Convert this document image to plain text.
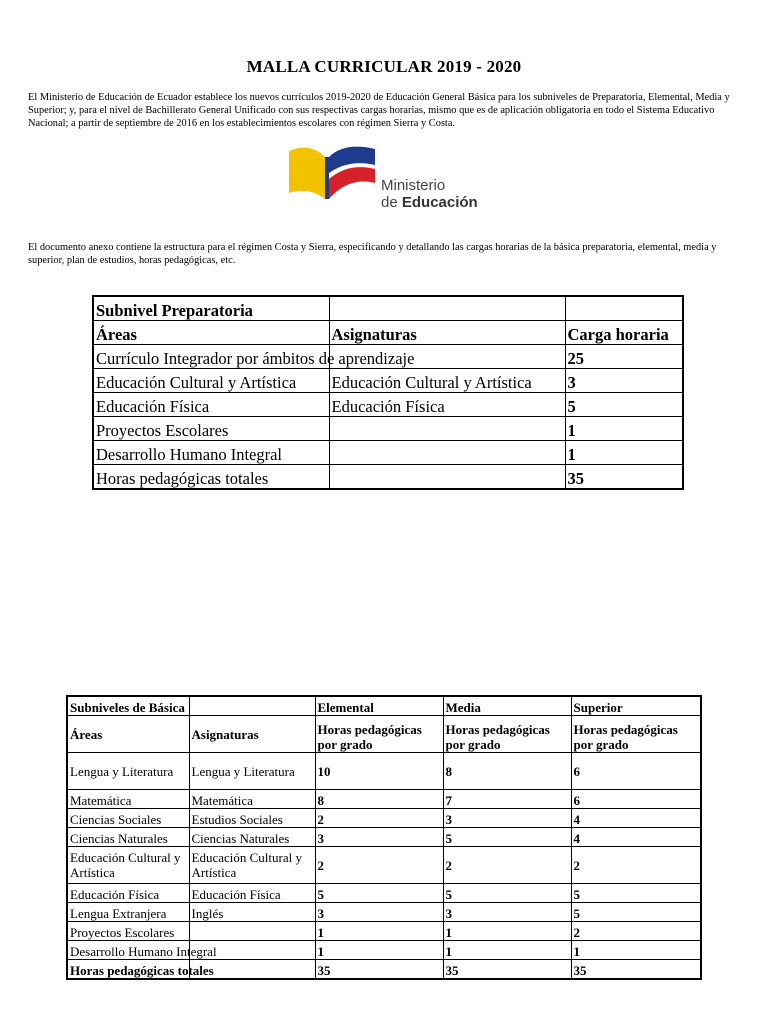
MALLA CURRICULAR 2019 - 2020
El Ministerio de Educación de Ecuador establece los nuevos currículos 2019-2020 de Educación General Básica para los subniveles de Preparatoria, Elemental, Media y Superior; y, para el nivel de Bachillerato General Unificado con sus respectivas cargas horarias, mismo que es de aplicación obligatoria en todo el Sistema Educativo Nacional; a partir de septiembre de 2016 en los establecimientos escolares con régimen Sierra y Costa.
Ministerio
de Educación
El documento anexo contiene la estructura para el régimen Costa y Sierra, especificando y detallando las cargas horarias de la básica preparatoria, elemental, media y superior, plan de estudios, horas pedagógicas, etc.
Subnivel Preparatoria		
Áreas	Asignaturas	Carga horaria
Currículo Integrador por ámbitos de aprendizaje		25
Educación Cultural y Artística	Educación Cultural y Artística	3
Educación Física	Educación Física	5
Proyectos Escolares		1
Desarrollo Humano Integral		1
Horas pedagógicas totales		35
Subniveles de Básica		Elemental	Media	Superior
Áreas	Asignaturas	Horas pedagógicas por grado	Horas pedagógicas por grado	Horas pedagógicas por grado
Lengua y Literatura	Lengua y Literatura	10	8	6
Matemática	Matemática	8	7	6
Ciencias Sociales	Estudios Sociales	2	3	4
Ciencias Naturales	Ciencias Naturales	3	5	4
Educación Cultural y Artística	Educación Cultural y Artística	2	2	2
Educación Física	Educación Física	5	5	5
Lengua Extranjera	Inglés	3	3	5
Proyectos Escolares		1	1	2
Desarrollo Humano Integral		1	1	1
Horas pedagógicas totales		35	35	35
